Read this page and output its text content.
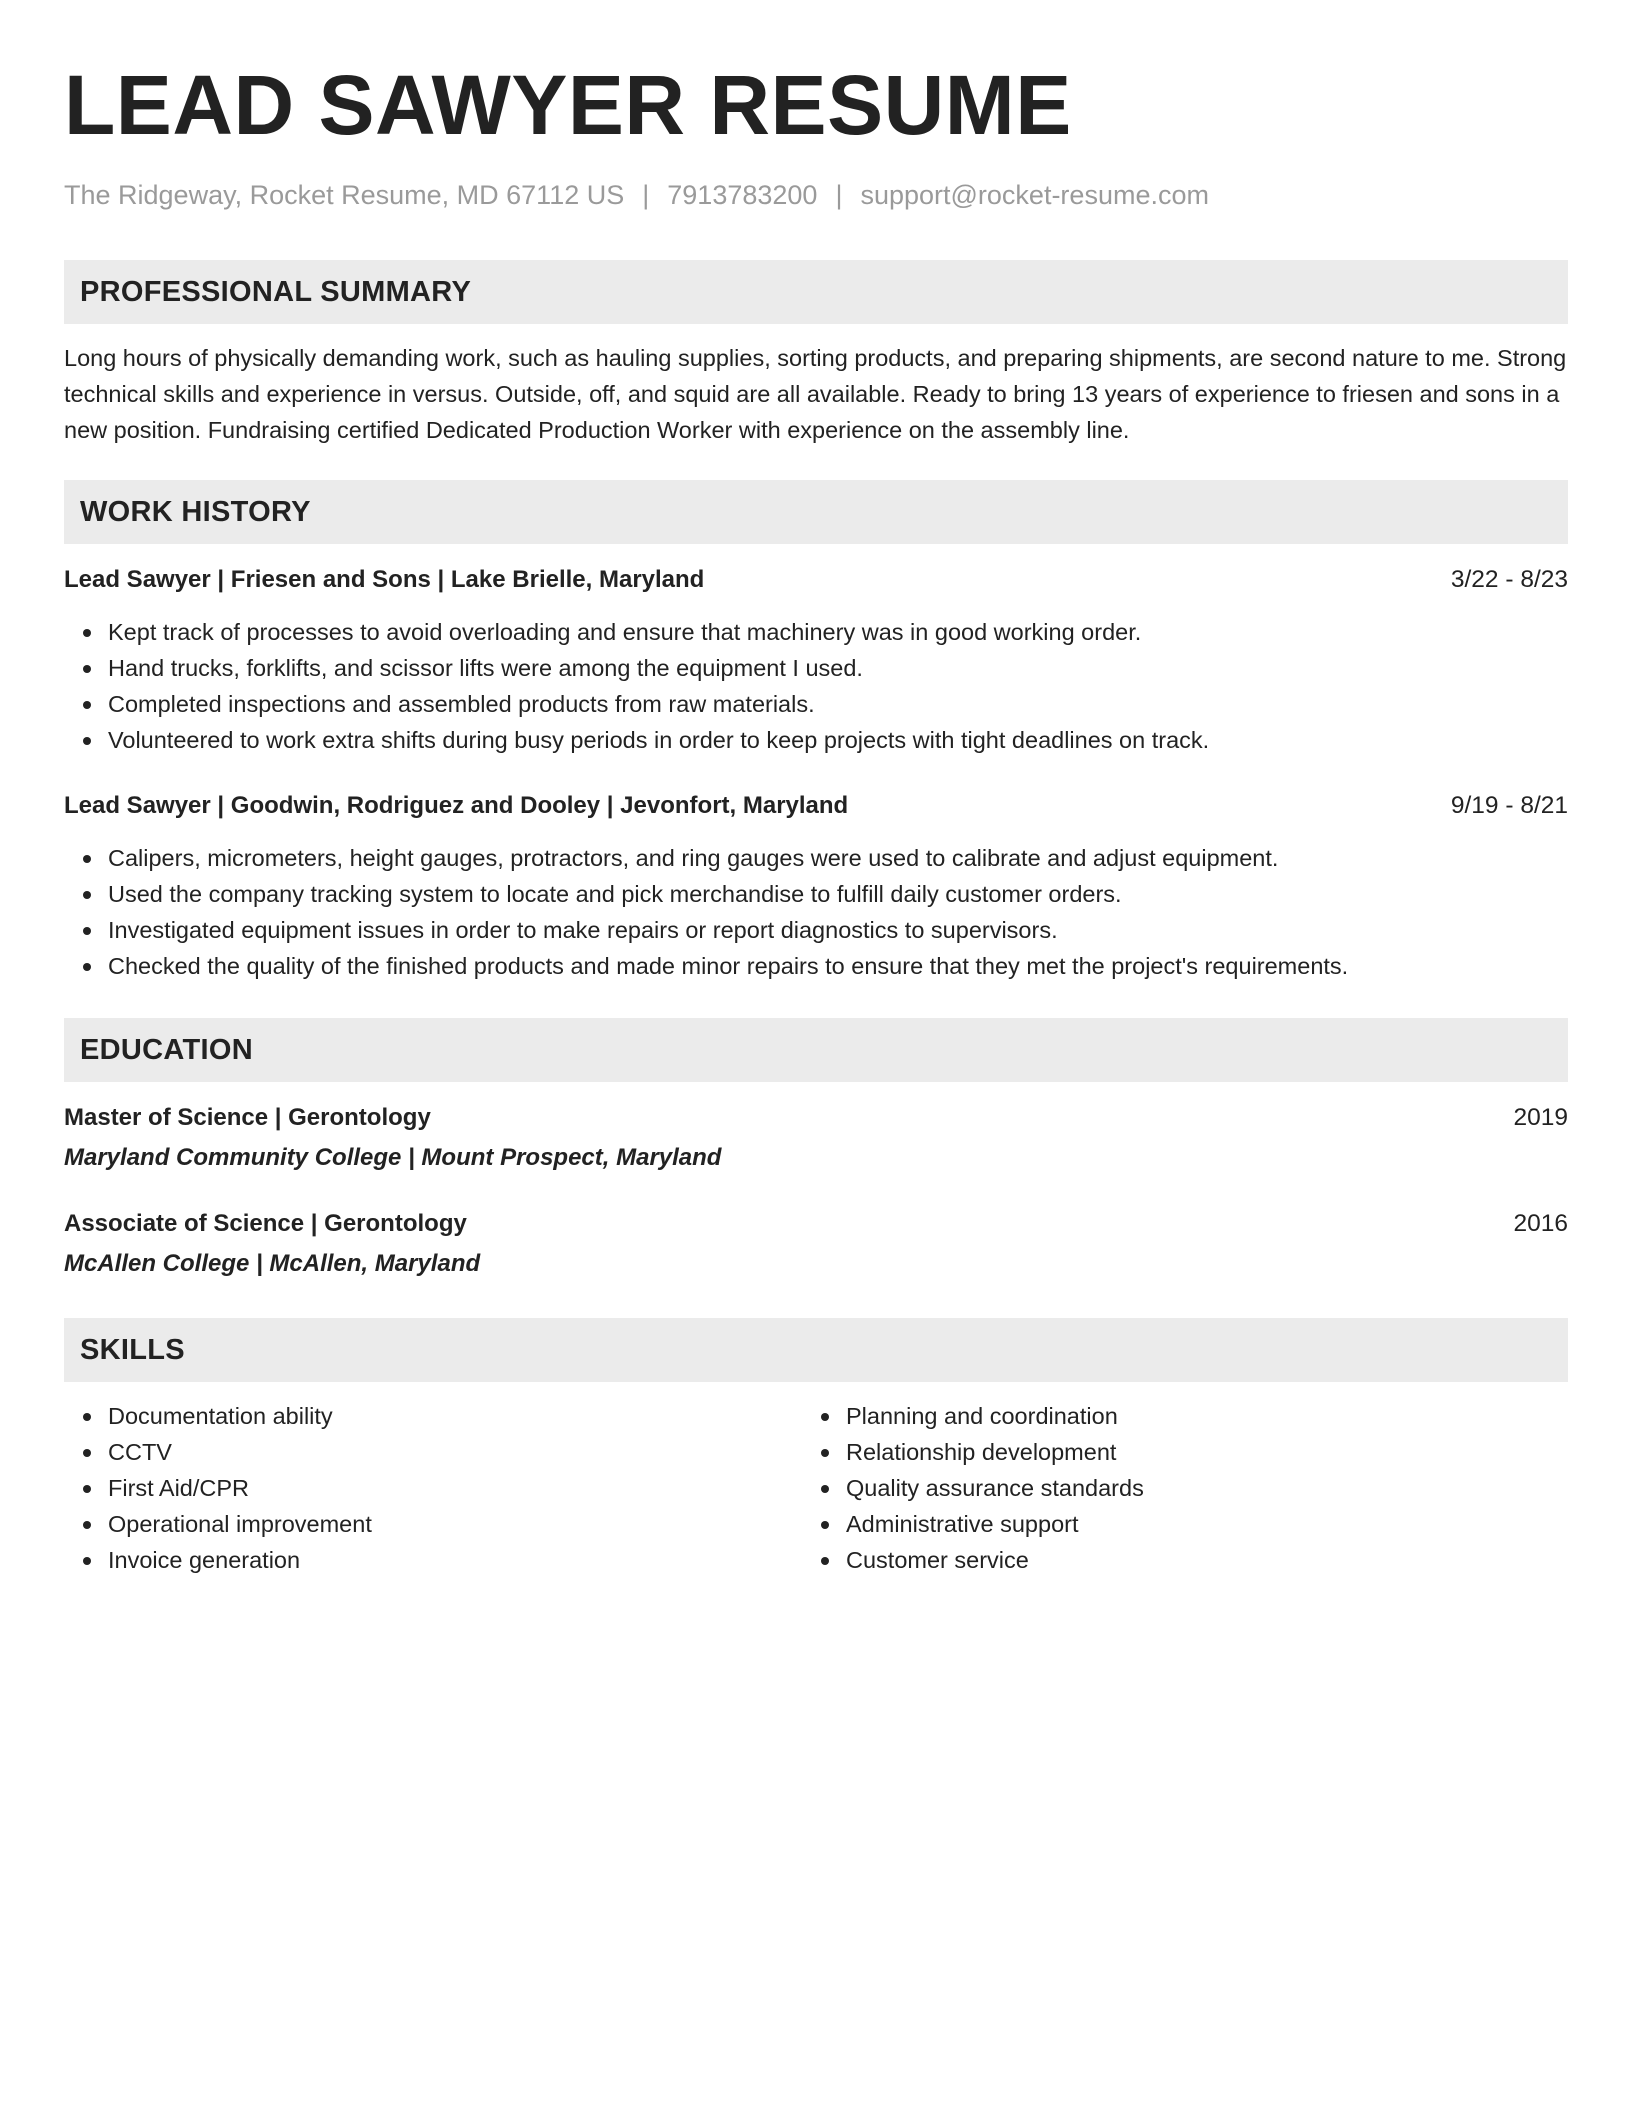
LEAD SAWYER RESUME
The Ridgeway, Rocket Resume, MD 67112 US | 7913783200 | support@rocket-resume.com
PROFESSIONAL SUMMARY

Long hours of physically demanding work, such as hauling supplies, sorting products, and preparing shipments, are second nature to me. Strong technical skills and experience in versus. Outside, off, and squid are all available. Ready to bring 13 years of experience to friesen and sons in a new position. Fundraising certified Dedicated Production Worker with experience on the assembly line.

WORK HISTORY
Lead Sawyer | Friesen and Sons | Lake Brielle, Maryland	3/22 - 8/23
Kept track of processes to avoid overloading and ensure that machinery was in good working order.
Hand trucks, forklifts, and scissor lifts were among the equipment I used.
Completed inspections and assembled products from raw materials.
Volunteered to work extra shifts during busy periods in order to keep projects with tight deadlines on track.
Lead Sawyer | Goodwin, Rodriguez and Dooley | Jevonfort, Maryland	9/19 - 8/21
Calipers, micrometers, height gauges, protractors, and ring gauges were used to calibrate and adjust equipment.
Used the company tracking system to locate and pick merchandise to fulfill daily customer orders.
Investigated equipment issues in order to make repairs or report diagnostics to supervisors.
Checked the quality of the finished products and made minor repairs to ensure that they met the project's requirements.
EDUCATION
Master of Science | Gerontology	2019
Maryland Community College | Mount Prospect, Maryland
Associate of Science | Gerontology	2016
McAllen College | McAllen, Maryland
SKILLS
Documentation ability
CCTV
First Aid/CPR
Operational improvement
Invoice generation
Planning and coordination
Relationship development
Quality assurance standards
Administrative support
Customer service
